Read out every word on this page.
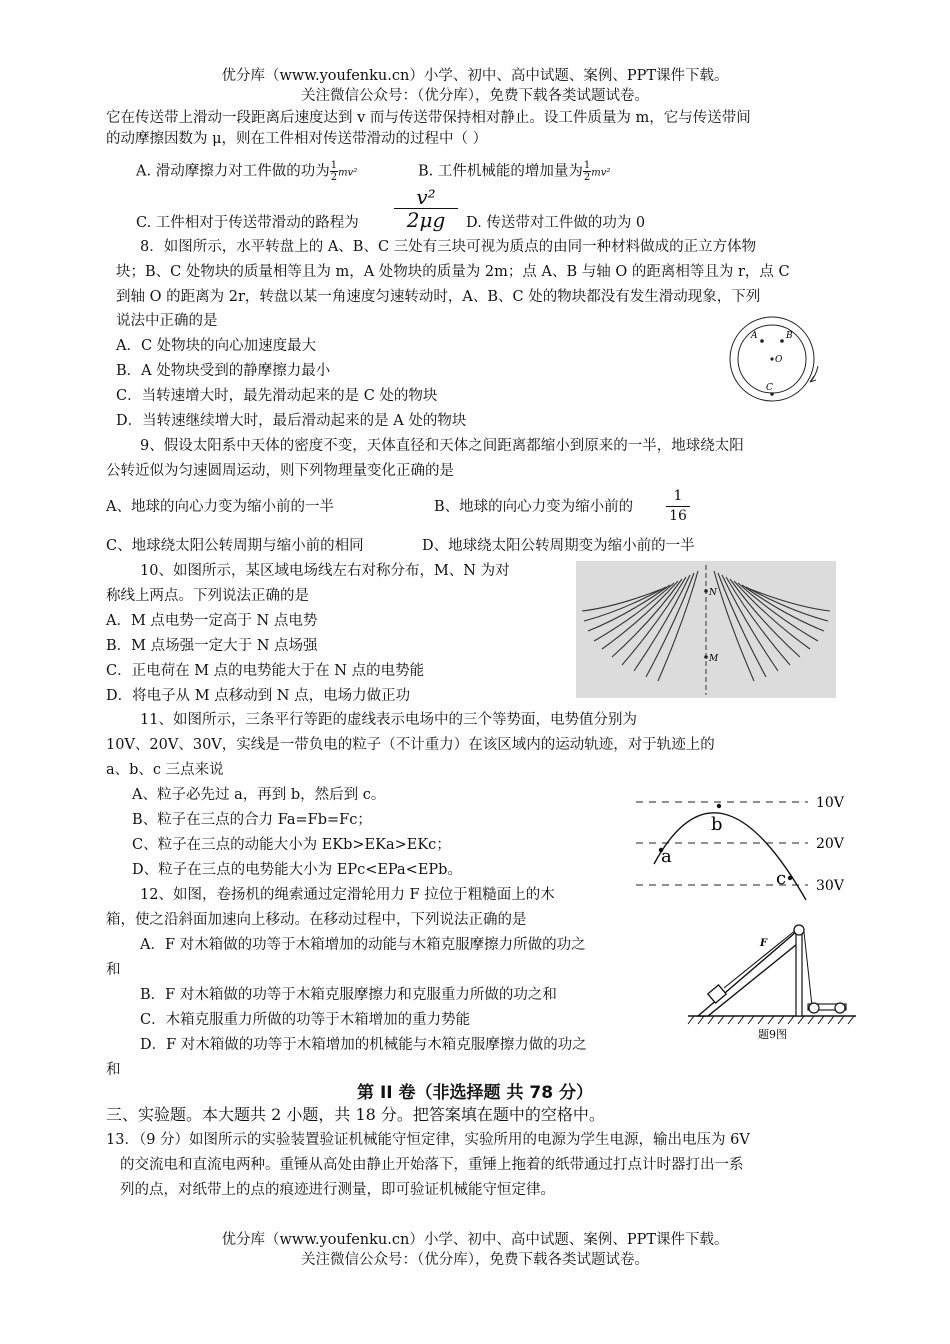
优分库（www.youfenku.cn）小学、初中、高中试题、案例、PPT课件下载。
关注微信公众号：（优分库），免费下载各类试题试卷。
它在传送带上滑动一段距离后速度达到 v 而与传送带保持相对静止。设工件质量为 m，它与传送带间
的动摩擦因数为 μ，则在工件相对传送带滑动的过程中（ ）
A. 滑动摩擦力对工件做的功为 $\frac{1}{2} mv^2$	B. 工件机械能的增加量为 $\frac{1}{2} mv^2$
C. 工件相对于传送带滑动的路程为
v²
2μg	D. 传送带对工件做的功为 0
8．如图所示，水平转盘上的 A、B、C 三处有三块可视为质点的由同一种材料做成的正立方体物
块；B、C 处物块的质量相等且为 m，A 处物块的质量为 2m；点 A、B 与轴 O 的距离相等且为 r，点 C
到轴 O 的距离为 2r，转盘以某一角速度匀速转动时，A、B、C 处的物块都没有发生滑动现象，下列
说法中正确的是
A．C 处物块的向心加速度最大
B．A 处物块受到的静摩擦力最小
C．当转速增大时，最先滑动起来的是 C 处的物块
D．当转速继续增大时，最后滑动起来的是 A 处的物块
A	B
O
C
9、假设太阳系中天体的密度不变，天体直径和天体之间距离都缩小到原来的一半，地球绕太阳
公转近似为匀速圆周运动，则下列物理量变化正确的是
A、地球的向心力变为缩小前的一半	B、地球的向心力变为缩小前的
1
16
C、地球绕太阳公转周期与缩小前的相同	D、地球绕太阳公转周期变为缩小前的一半
10、如图所示，某区域电场线左右对称分布，M、N 为对
称线上两点。下列说法正确的是
A．M 点电势一定高于 N 点电势
B．M 点场强一定大于 N 点场强
C．正电荷在 M 点的电势能大于在 N 点的电势能
D．将电子从 M 点移动到 N 点，电场力做正功
N
M
11、如图所示，三条平行等距的虚线表示电场中的三个等势面，电势值分别为
10V、20V、30V，实线是一带负电的粒子（不计重力）在该区域内的运动轨迹，对于轨迹上的
a、b、c 三点来说
A、粒子必先过 a，再到 b，然后到 c。
B、粒子在三点的合力 Fa=Fb=Fc；
C、粒子在三点的动能大小为 EKb>EKa>EKc；
D、粒子在三点的电势能大小为 EPc<EPa<EPb。
10V
20V
30V
a
b
c
12、如图，卷扬机的绳索通过定滑轮用力 F 拉位于粗糙面上的木
箱，使之沿斜面加速向上移动。在移动过程中，下列说法正确的是
A．F 对木箱做的功等于木箱增加的动能与木箱克服摩擦力所做的功之
和
B．F 对木箱做的功等于木箱克服摩擦力和克服重力所做的功之和
C．木箱克服重力所做的功等于木箱增加的重力势能
D．F 对木箱做的功等于木箱增加的机械能与木箱克服摩擦力做的功之
和
F
题9图
第 II 卷（非选择题 共 78 分）
三、实验题。本大题共 2 小题，共 18 分。把答案填在题中的空格中。
13．（9 分）如图所示的实验装置验证机械能守恒定律，实验所用的电源为学生电源，输出电压为 6V
的交流电和直流电两种。重锤从高处由静止开始落下，重锤上拖着的纸带通过打点计时器打出一系
列的点，对纸带上的点的痕迹进行测量，即可验证机械能守恒定律。
优分库（www.youfenku.cn）小学、初中、高中试题、案例、PPT课件下载。
关注微信公众号：（优分库），免费下载各类试题试卷。
